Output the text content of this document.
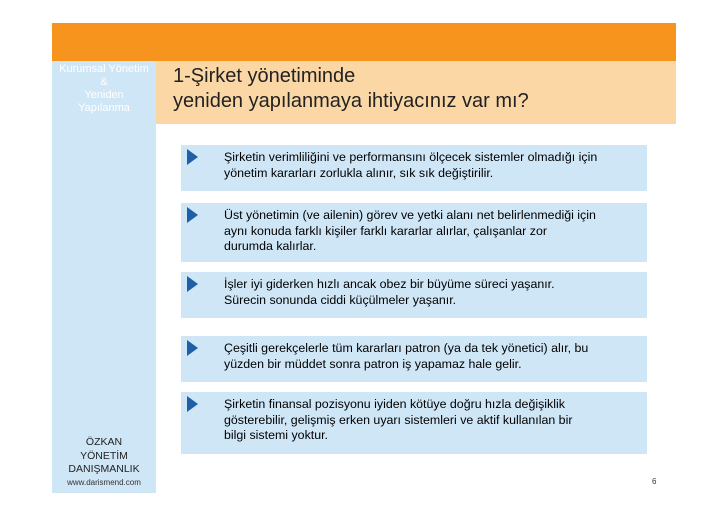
Kurumsal Yönetim
&
Yeniden
Yapılanma
1-Şirket yönetiminde
yeniden yapılanmaya ihtiyacınız var mı?
Şirketin verimliliğini ve performansını ölçecek sistemler olmadığı için
yönetim kararları zorlukla alınır, sık sık değiştirilir.
Üst yönetimin (ve ailenin) görev ve yetki alanı net belirlenmediği için
aynı konuda farklı kişiler farklı kararlar alırlar, çalışanlar zor
durumda kalırlar.
İşler iyi giderken hızlı ancak obez bir büyüme süreci yaşanır.
Sürecin sonunda ciddi küçülmeler yaşanır.
Çeşitli gerekçelerle tüm kararları patron (ya da tek yönetici) alır, bu
yüzden bir müddet sonra patron iş yapamaz hale gelir.
Şirketin finansal pozisyonu iyiden kötüye doğru hızla değişiklik
gösterebilir, gelişmiş erken uyarı sistemleri ve aktif kullanılan bir
bilgi sistemi yoktur.
ÖZKAN
YÖNETİM
DANIŞMANLIK
www.darismend.com	6
